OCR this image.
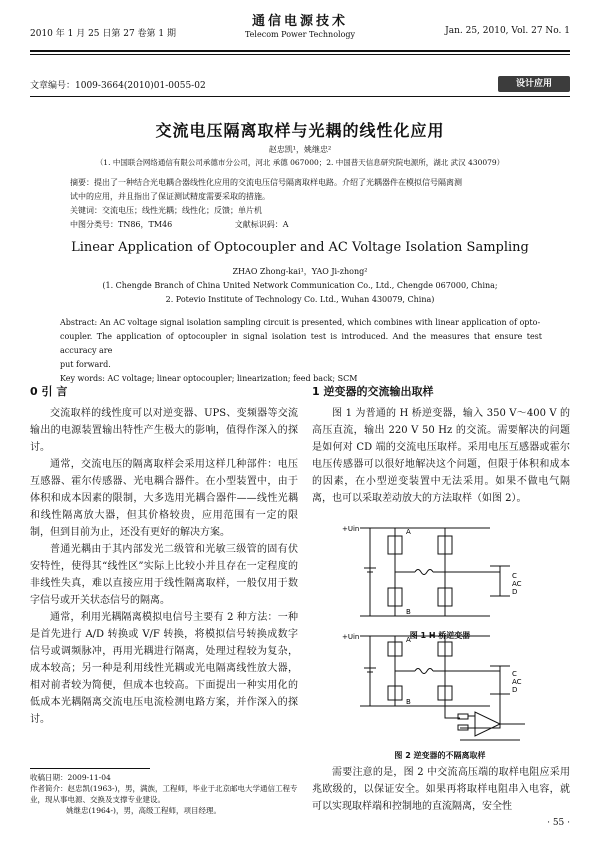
2010 年 1 月 25 日第 27 卷第 1 期
通信电源技术
Telecom Power Technology	Jan. 25, 2010, Vol. 27 No. 1
文章编号：1009-3664(2010)01-0055-02	设计应用
交流电压隔离取样与光耦的线性化应用
赵忠凯¹，姚继忠²
（1. 中国联合网络通信有限公司承德市分公司，河北 承德 067000；2. 中国普天信息研究院电源所，湖北 武汉 430079）
摘要：提出了一种结合光电耦合器线性化应用的交流电压信号隔离取样电路。介绍了光耦器件在模拟信号隔离测
试中的应用，并且指出了保证测试精度需要采取的措施。
关键词：交流电压；线性光耦；线性化；反馈；单片机
中图分类号：TN86，TM46	文献标识码：A
Linear Application of Optocoupler and AC Voltage Isolation Sampling
ZHAO Zhong-kai¹，YAO Ji-zhong²
(1. Chengde Branch of China United Network Communication Co., Ltd., Chengde 067000, China;
2. Potevio Institute of Technology Co. Ltd., Wuhan 430079, China)
Abstract: An AC voltage signal isolation sampling circuit is presented, which combines with linear application of opto-
coupler. The application of optocoupler in signal isolation test is introduced. And the measures that ensure test accuracy are
put forward.
Key words: AC voltage; linear optocoupler; linearization; feed back; SCM
0 引 言

交流取样的线性度可以对逆变器、UPS、变频器等交流输出的电源装置输出特性产生极大的影响，值得作深入的探讨。

通常，交流电压的隔离取样会采用这样几种部件：电压互感器、霍尔传感器、光电耦合器件。在小型装置中，由于体积和成本因素的限制，大多选用光耦合器件——线性光耦和线性隔离放大器，但其价格较贵，应用范围有一定的限制，但到目前为止，还没有更好的解决方案。

普通光耦由于其内部发光二级管和光敏三级管的固有伏安特性，使得其“线性区”实际上比较小并且存在一定程度的非线性失真，难以直接应用于线性隔离取样，一般仅用于数字信号或开关状态信号的隔离。

通常，利用光耦隔离模拟电信号主要有 2 种方法：一种是首先进行 A/D 转换或 V/F 转换，将模拟信号转换成数字信号或调频脉冲，再用光耦进行隔离，处理过程较为复杂，成本较高；另一种是利用线性光耦或光电隔离线性放大器，相对前者较为简便，但成本也较高。下面提出一种实用化的低成本光耦隔离交流电压电流检测电路方案，并作深入的探讨。

收稿日期：2009-11-04
作者简介：赵忠凯(1963-)，男，满族，工程师，毕业于北京邮电大学通信工程专业，现从事电源、交换及支撑专业建设。
姚继忠(1964-)，男，高级工程师，项目经理。
1 逆变器的交流输出取样

图 1 为普通的 H 桥逆变器，输入 350 V～400 V 的高压直流，输出 220 V 50 Hz 的交流。需要解决的问题是如何对 CD 端的交流电压取样。采用电压互感器或霍尔电压传感器可以很好地解决这个问题，但限于体积和成本的因素，在小型逆变装置中无法采用。如果不做电气隔离，也可以采取差动放大的方法取样（如图 2）。

+Uin	A
B
C
AC
D
图 1 H 桥逆变器
+Uin	A
B
C
AC
D
图 2 逆变器的不隔离取样

需要注意的是，图 2 中交流高压端的取样电阻应采用兆欧级的，以保证安全。如果再将取样电阻串入电容，就可以实现取样端和控制地的直流隔离，安全性

· 55 ·
